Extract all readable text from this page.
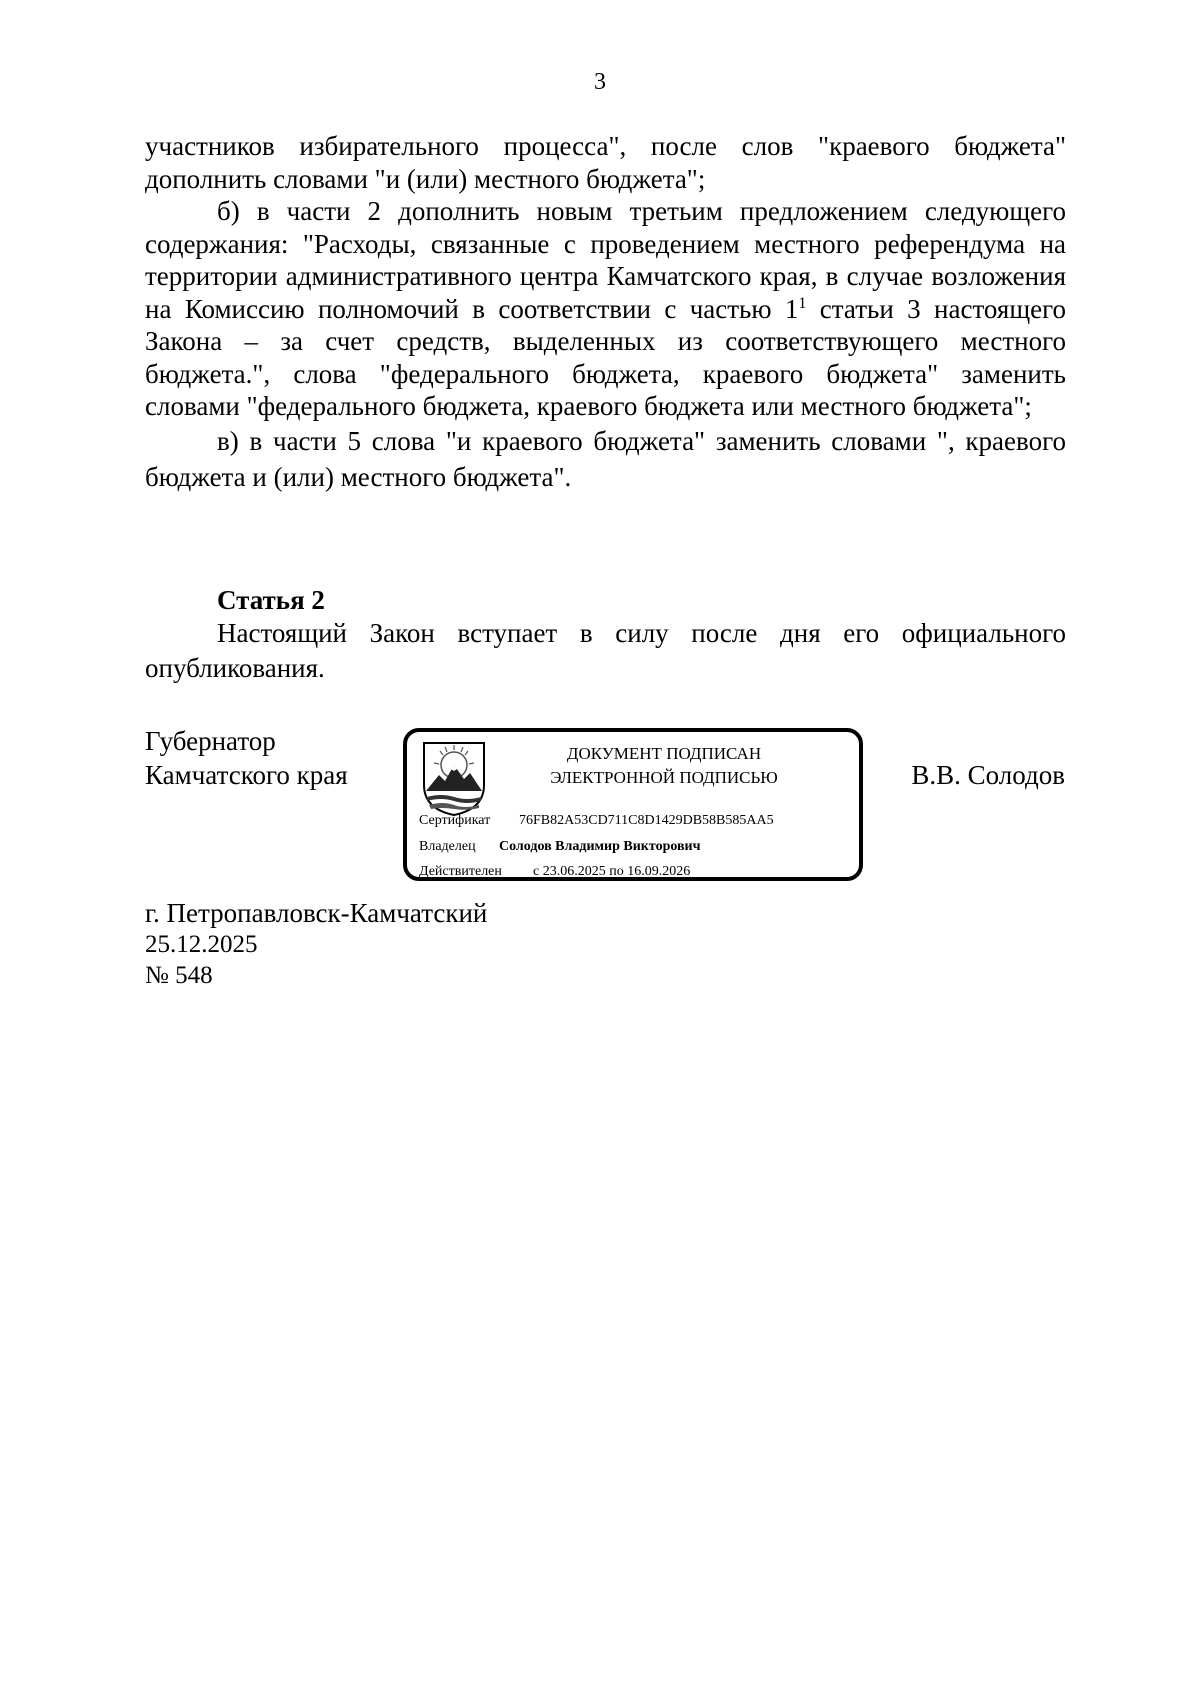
3

участников избирательного процесса", после слов "краевого бюджета" дополнить словами "и (или) местного бюджета";

б) в части 2 дополнить новым третьим предложением следующего содержания: "Расходы, связанные с проведением местного референдума на территории административного центра Камчатского края, в случае возложения на Комиссию полномочий в соответствии с частью $1^1$ статьи 3 настоящего Закона – за счет средств, выделенных из соответствующего местного бюджета.", слова "федерального бюджета, краевого бюджета" заменить словами "федерального бюджета, краевого бюджета или местного бюджета";

в) в части 5 слова "и краевого бюджета" заменить словами ", краевого бюджета и (или) местного бюджета".

Статья 2

Настоящий Закон вступает в силу после дня его официального опубликования.

Губернатор
Камчатского края
ДОКУМЕНТ ПОДПИСАН
ЭЛЕКТРОННОЙ ПОДПИСЬЮ
Сертификат 76FB82A53CD711C8D1429DB58B585AA5
Владелец Солодов Владимир Викторович
Действителен с 23.06.2025 по 16.09.2026
В.В. Солодов
г. Петропавловск-Камчатский
25.12.2025
№ 548
